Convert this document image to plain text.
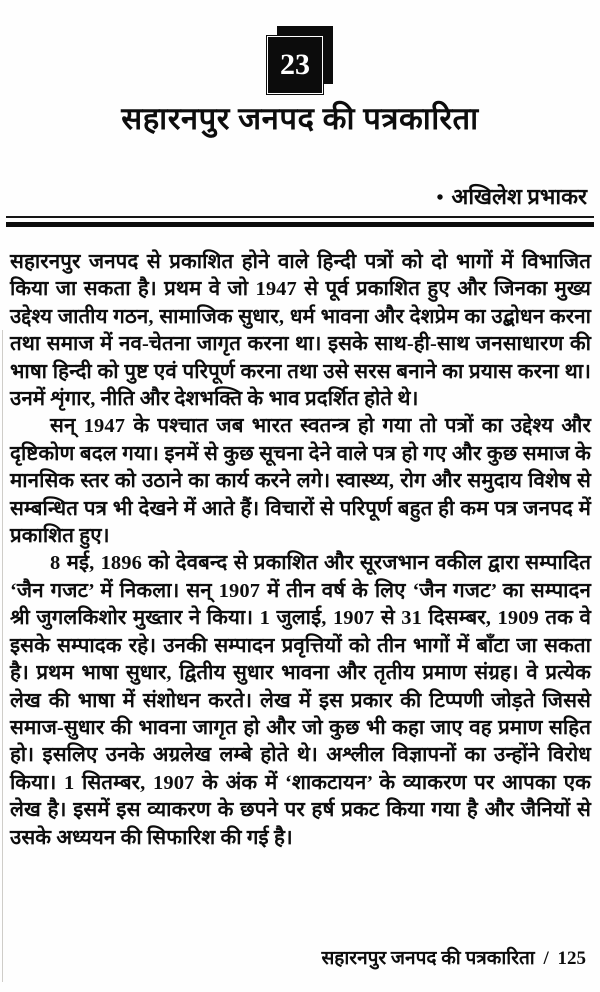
23
सहारनपुर जनपद की पत्रकारिता
• अखिलेश प्रभाकर

सहारनपुर जनपद से प्रकाशित होने वाले हिन्दी पत्रों को दो भागों में विभाजित किया जा सकता है। प्रथम वे जो 1947 से पूर्व प्रकाशित हुए और जिनका मुख्य उद्देश्य जातीय गठन, सामाजिक सुधार, धर्म भावना और देशप्रेम का उद्बोधन करना तथा समाज में नव-चेतना जागृत करना था। इसके साथ-ही-साथ जनसाधारण की भाषा हिन्दी को पुष्ट एवं परिपूर्ण करना तथा उसे सरस बनाने का प्रयास करना था। उनमें शृंगार, नीति और देशभक्ति के भाव प्रदर्शित होते थे।

सन् 1947 के पश्चात जब भारत स्वतन्त्र हो गया तो पत्रों का उद्देश्य और दृष्टिकोण बदल गया। इनमें से कुछ सूचना देने वाले पत्र हो गए और कुछ समाज के मानसिक स्तर को उठाने का कार्य करने लगे। स्वास्थ्य, रोग और समुदाय विशेष से सम्बन्धित पत्र भी देखने में आते हैं। विचारों से परिपूर्ण बहुत ही कम पत्र जनपद में प्रकाशित हुए।

8 मई, 1896 को देवबन्द से प्रकाशित और सूरजभान वकील द्वारा सम्पादित ‘जैन गजट’ में निकला। सन् 1907 में तीन वर्ष के लिए ‘जैन गजट’ का सम्पादन श्री जुगलकिशोर मुख्तार ने किया। 1 जुलाई, 1907 से 31 दिसम्बर, 1909 तक वे इसके सम्पादक रहे। उनकी सम्पादन प्रवृत्तियों को तीन भागों में बाँटा जा सकता है। प्रथम भाषा सुधार, द्वितीय सुधार भावना और तृतीय प्रमाण संग्रह। वे प्रत्येक लेख की भाषा में संशोधन करते। लेख में इस प्रकार की टिप्पणी जोड़ते जिससे समाज-सुधार की भावना जागृत हो और जो कुछ भी कहा जाए वह प्रमाण सहित हो। इसलिए उनके अग्रलेख लम्बे होते थे। अश्लील विज्ञापनों का उन्होंने विरोध किया। 1 सितम्बर, 1907 के अंक में ‘शाकटायन’ के व्याकरण पर आपका एक लेख है। इसमें इस व्याकरण के छपने पर हर्ष प्रकट किया गया है और जैनियों से उसके अध्ययन की सिफारिश की गई है।

सहारनपुर जनपद की पत्रकारिता / 125
